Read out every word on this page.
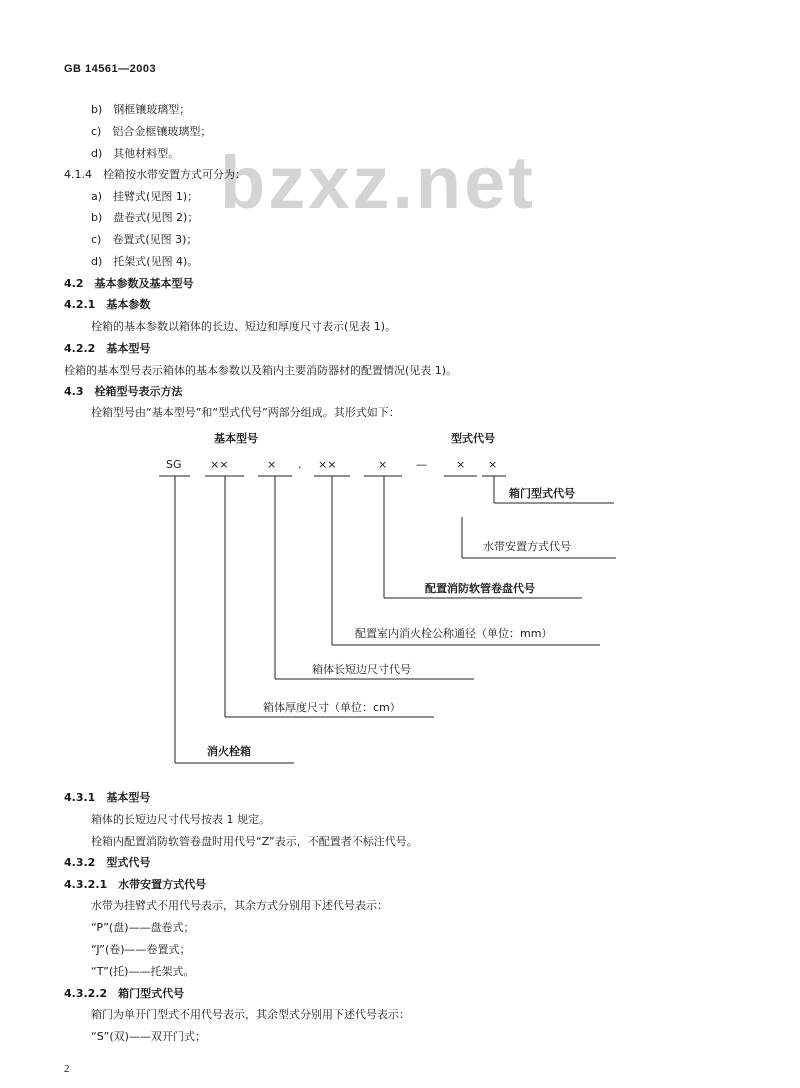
bzxz.net
GB 14561—2003
b)　钢框镶玻璃型；
c)　铝合金框镶玻璃型；
d)　其他材料型。
4.1.4　栓箱按水带安置方式可分为：
a)　挂臂式(见图 1)；
b)　盘卷式(见图 2)；
c)　卷置式(见图 3)；
d)　托架式(见图 4)。
4.2　基本参数及基本型号
4.2.1　基本参数
栓箱的基本参数以箱体的长边、短边和厚度尺寸表示(见表 1)。
4.2.2　基本型号
栓箱的基本型号表示箱体的基本参数以及箱内主要消防器材的配置情况(见表 1)。
4.3　栓箱型号表示方法
栓箱型号由“基本型号”和“型式代号”两部分组成。其形式如下：
基本型号	型式代号
SG	××	× . ××	×	—	× ×
箱门型式代号
水带安置方式代号
配置消防软管卷盘代号
配置室内消火栓公称通径（单位：mm）
箱体长短边尺寸代号
箱体厚度尺寸（单位：cm）
消火栓箱
4.3.1　基本型号
箱体的长短边尺寸代号按表 1 规定。
栓箱内配置消防软管卷盘时用代号“Z”表示，不配置者不标注代号。
4.3.2　型式代号
4.3.2.1　水带安置方式代号
水带为挂臂式不用代号表示，其余方式分别用下述代号表示：
“P”(盘)——盘卷式；
“J”(卷)——卷置式；
“T”(托)——托架式。
4.3.2.2　箱门型式代号
箱门为单开门型式不用代号表示，其余型式分别用下述代号表示：
“S”(双)——双开门式；
2
